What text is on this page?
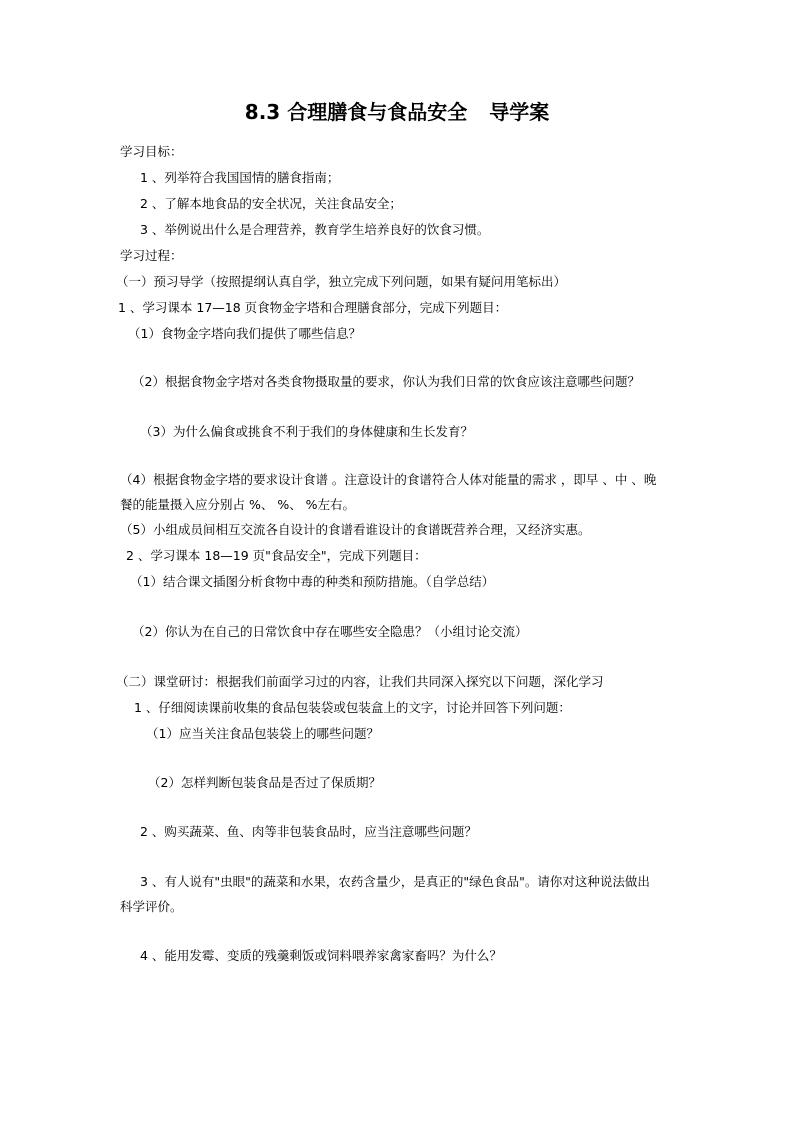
8.3 合理膳食与食品安全 导学案
学习目标：
1 、列举符合我国国情的膳食指南；
2 、了解本地食品的安全状况，关注食品安全；
3 、举例说出什么是合理营养，教育学生培养良好的饮食习惯。
学习过程：
（一）预习导学（按照提纲认真自学，独立完成下列问题，如果有疑问用笔标出）
1 、学习课本 17—18 页食物金字塔和合理膳食部分，完成下列题目：
（1）食物金字塔向我们提供了哪些信息？
（2）根据食物金字塔对各类食物摄取量的要求，你认为我们日常的饮食应该注意哪些问题？
（3）为什么偏食或挑食不利于我们的身体健康和生长发育？
（4）根据食物金字塔的要求设计食谱 。注意设计的食谱符合人体对能量的需求 ，即早 、中 、晚
餐的能量摄入应分别占 %、 %、 %左右。
（5）小组成员间相互交流各自设计的食谱看谁设计的食谱既营养合理，又经济实惠。
2 、学习课本 18—19 页"食品安全"，完成下列题目：
（1）结合课文插图分析食物中毒的种类和预防措施。（自学总结）
（2）你认为在自己的日常饮食中存在哪些安全隐患？（小组讨论交流）
（二）课堂研讨：根据我们前面学习过的内容，让我们共同深入探究以下问题，深化学习
1 、仔细阅读课前收集的食品包装袋或包装盒上的文字，讨论并回答下列问题：
（1）应当关注食品包装袋上的哪些问题？
（2）怎样判断包装食品是否过了保质期？
2 、购买蔬菜、鱼、肉等非包装食品时，应当注意哪些问题？
3 、有人说有"虫眼"的蔬菜和水果，农药含量少，是真正的"绿色食品"。请你对这种说法做出
科学评价。
4 、能用发霉、变质的残羹剩饭或饲料喂养家禽家畜吗？为什么？
